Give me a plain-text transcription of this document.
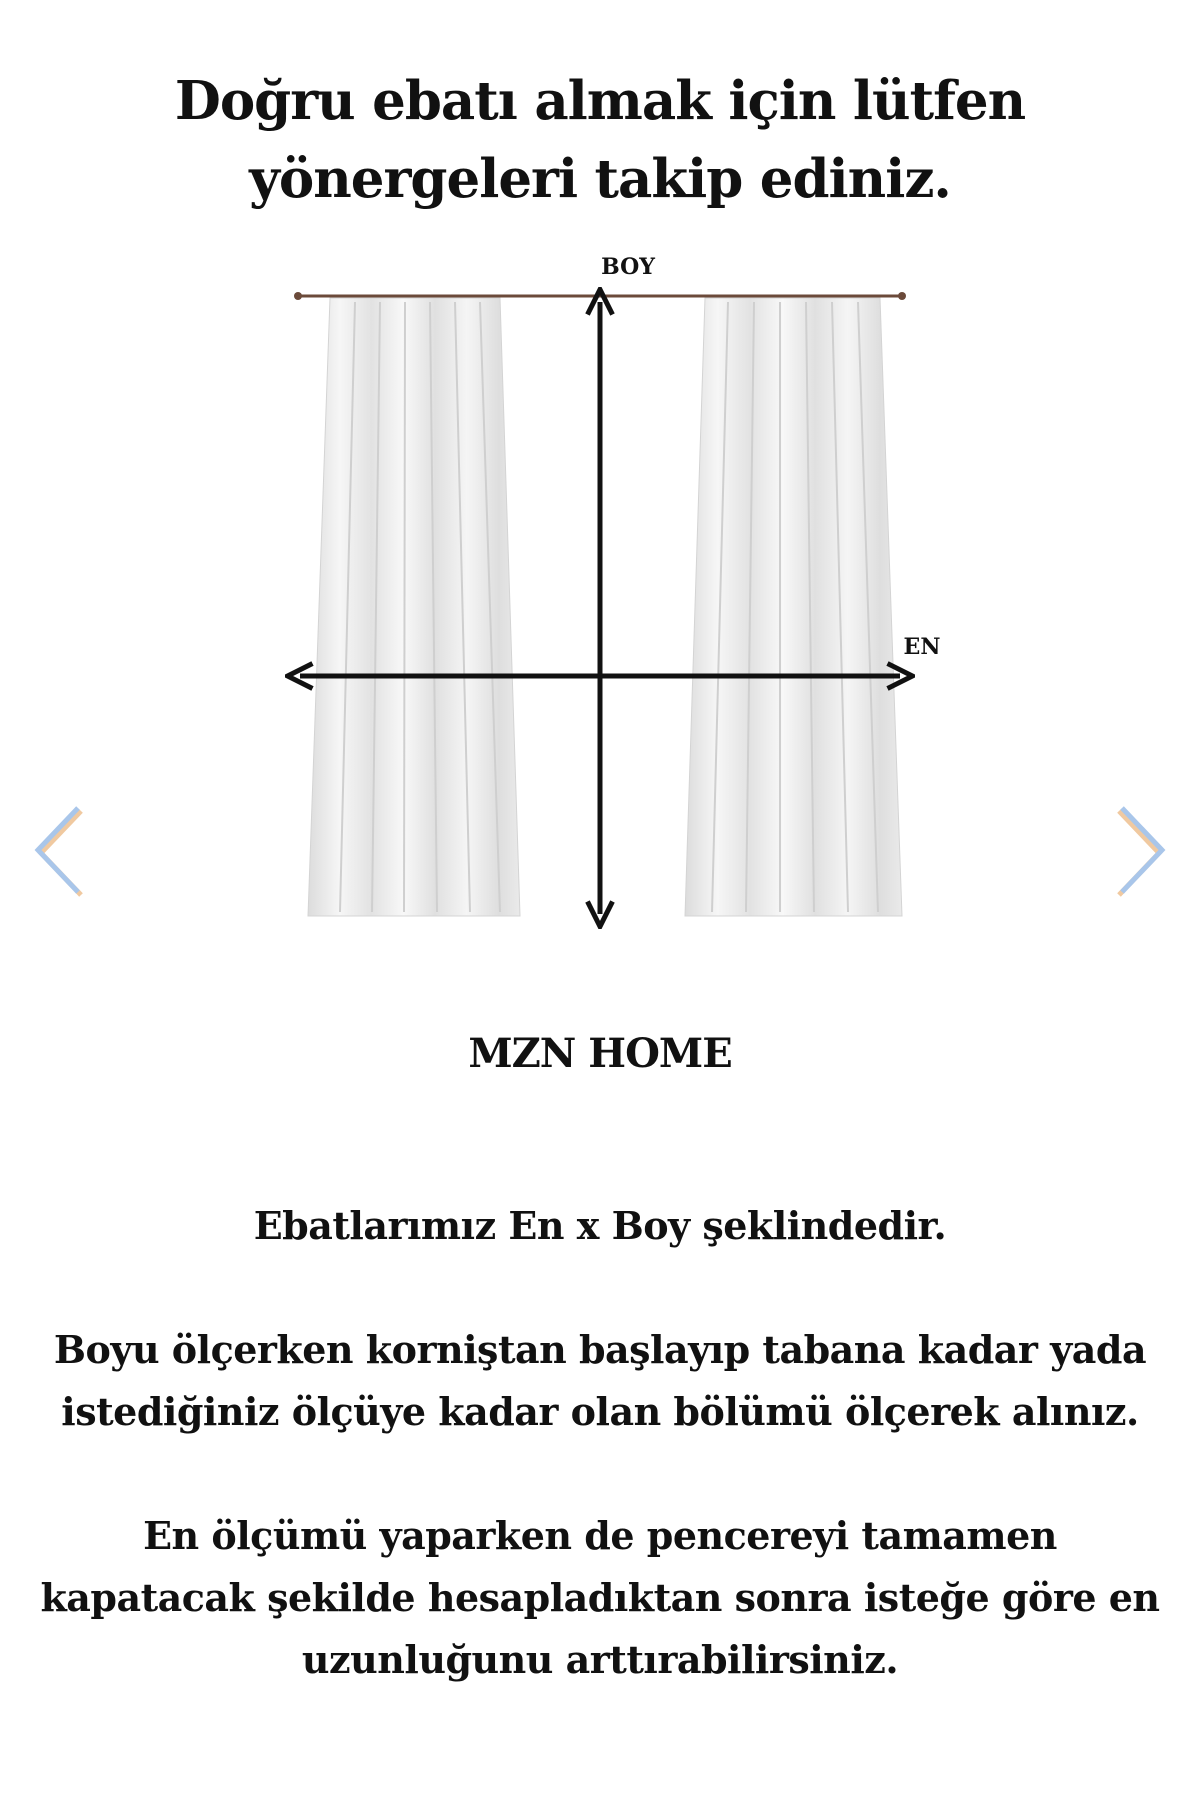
Doğru ebatı almak için lütfen yönergeleri takip ediniz.
BOY
EN
MZN HOME

Ebatlarımız En x Boy şeklindedir.

Boyu ölçerken korniştan başlayıp tabana kadar yada istediğiniz ölçüye kadar olan bölümü ölçerek alınız.

En ölçümü yaparken de pencereyi tamamen kapatacak şekilde hesapladıktan sonra isteğe göre en uzunluğunu arttırabilirsiniz.
